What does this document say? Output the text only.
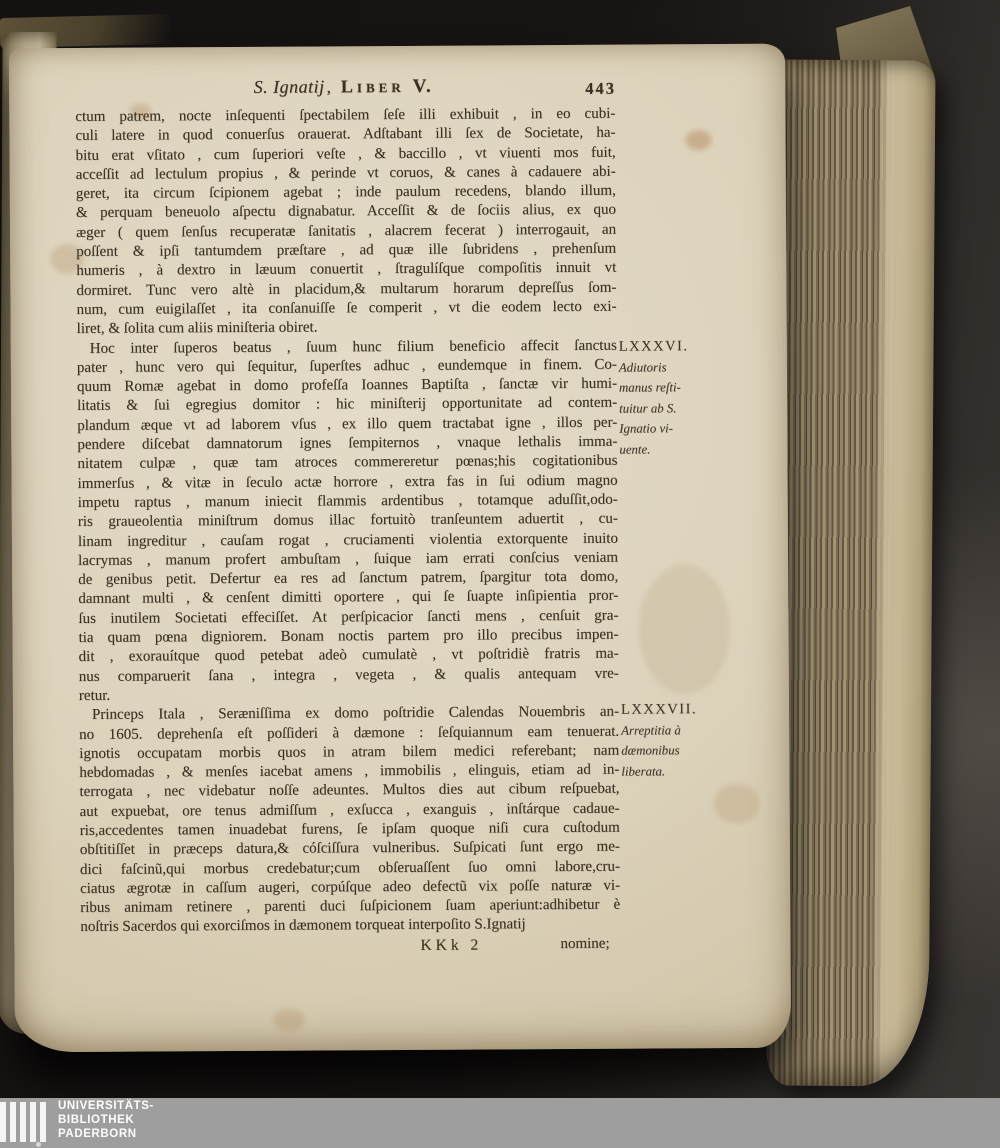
S. Ignatij , Liber V.	443
ctum patrem, nocte inſequenti ſpectabilem ſeſe illi exhibuit , in eo cubi-
culi latere in quod conuerſus orauerat. Adſtabant illi ſex de Societate, ha-
bitu erat vſitato , cum ſuperiori veſte , & baccillo , vt viuenti mos fuit,
acceſſit ad lectulum propius , & perinde vt coruos, & canes à cadauere abi-
geret, ita circum ſcipionem agebat ; inde paulum recedens, blando illum,
& perquam beneuolo aſpectu dignabatur. Acceſſit & de ſociis alius, ex quo
æger ( quem ſenſus recuperatæ ſanitatis , alacrem fecerat ) interrogauit, an
poſſent & ipſi tantumdem præſtare , ad quæ ille ſubridens , prehenſum
humeris , à dextro in læuum conuertit , ſtragulíſque compoſitis innuit vt
dormiret. Tunc vero altè in placidum,& multarum horarum depreſſus ſom-
num, cum euigilaſſet , ita conſanuiſſe ſe comperit , vt die eodem lecto exi-
liret, & ſolita cum aliis miniſteria obiret.
Hoc inter ſuperos beatus , ſuum hunc filium beneficio affecit ſanctus
pater , hunc vero qui ſequitur, ſuperſtes adhuc , eundemque in finem. Co-
quum Romæ agebat in domo profeſſa Ioannes Baptiſta , ſanctæ vir humi-
litatis & ſui egregius domitor : hic miniſterij opportunitate ad contem-
plandum æque vt ad laborem vſus , ex illo quem tractabat igne , illos per-
pendere diſcebat damnatorum ignes ſempiternos , vnaque lethalis imma-
nitatem culpæ , quæ tam atroces commereretur pœnas;his cogitationibus
immerſus , & vitæ in ſeculo actæ horrore , extra fas in ſui odium magno
impetu raptus , manum iniecit flammis ardentibus , totamque aduſſit,odo-
ris graueolentia miniſtrum domus illac fortuitò tranſeuntem aduertit , cu-
linam ingreditur , cauſam rogat , cruciamenti violentia extorquente inuito
lacrymas , manum profert ambuſtam , ſuique iam errati conſcius veniam
de genibus petit. Defertur ea res ad ſanctum patrem, ſpargitur tota domo,
damnant multi , & cenſent dimitti oportere , qui ſe ſuapte inſipientia pror-
ſus inutilem Societati effeciſſet. At perſpicacior ſancti mens , cenſuit gra-
tia quam pœna digniorem. Bonam noctis partem pro illo precibus impen-
dit , exorauítque quod petebat adeò cumulatè , vt poſtridiè fratris ma-
nus comparuerit ſana , integra , vegeta , & qualis antequam vre-
retur.
Princeps Itala , Seræniſſima ex domo poſtridie Calendas Nouembris an-
no 1605. deprehenſa eſt poſſideri à dæmone : ſeſquiannum eam tenuerat.
ignotis occupatam morbis quos in atram bilem medici referebant; nam
hebdomadas , & menſes iacebat amens , immobilis , elinguis, etiam ad in-
terrogata , nec videbatur noſſe adeuntes. Multos dies aut cibum reſpuebat,
aut expuebat, ore tenus admiſſum , exſucca , exanguis , inſtárque cadaue-
ris,accedentes tamen inuadebat furens, ſe ipſam quoque niſi cura cuſtodum
obſtitiſſet in præceps datura,& cóſciſſura vulneribus. Suſpicati ſunt ergo me-
dici faſcinũ,qui morbus credebatur;cum obſeruaſſent ſuo omni labore,cru-
ciatus ægrotæ in caſſum augeri, corpúſque adeo defectũ vix poſſe naturæ vi-
ribus animam retinere , parenti duci ſuſpicionem ſuam aperiunt:adhibetur è
noſtris Sacerdos qui exorciſmos in dæmonem torqueat interpoſito S.Ignatij
KKk 2	nomine;
LXXXVI.
Adiutoris
manus reſti-
tuitur ab S.
Ignatio vi-
uente.
LXXXVII.
Arreptitia à
dæmonibus
liberata.
UNIVERSITÄTS-
BIBLIOTHEK
PADERBORN
